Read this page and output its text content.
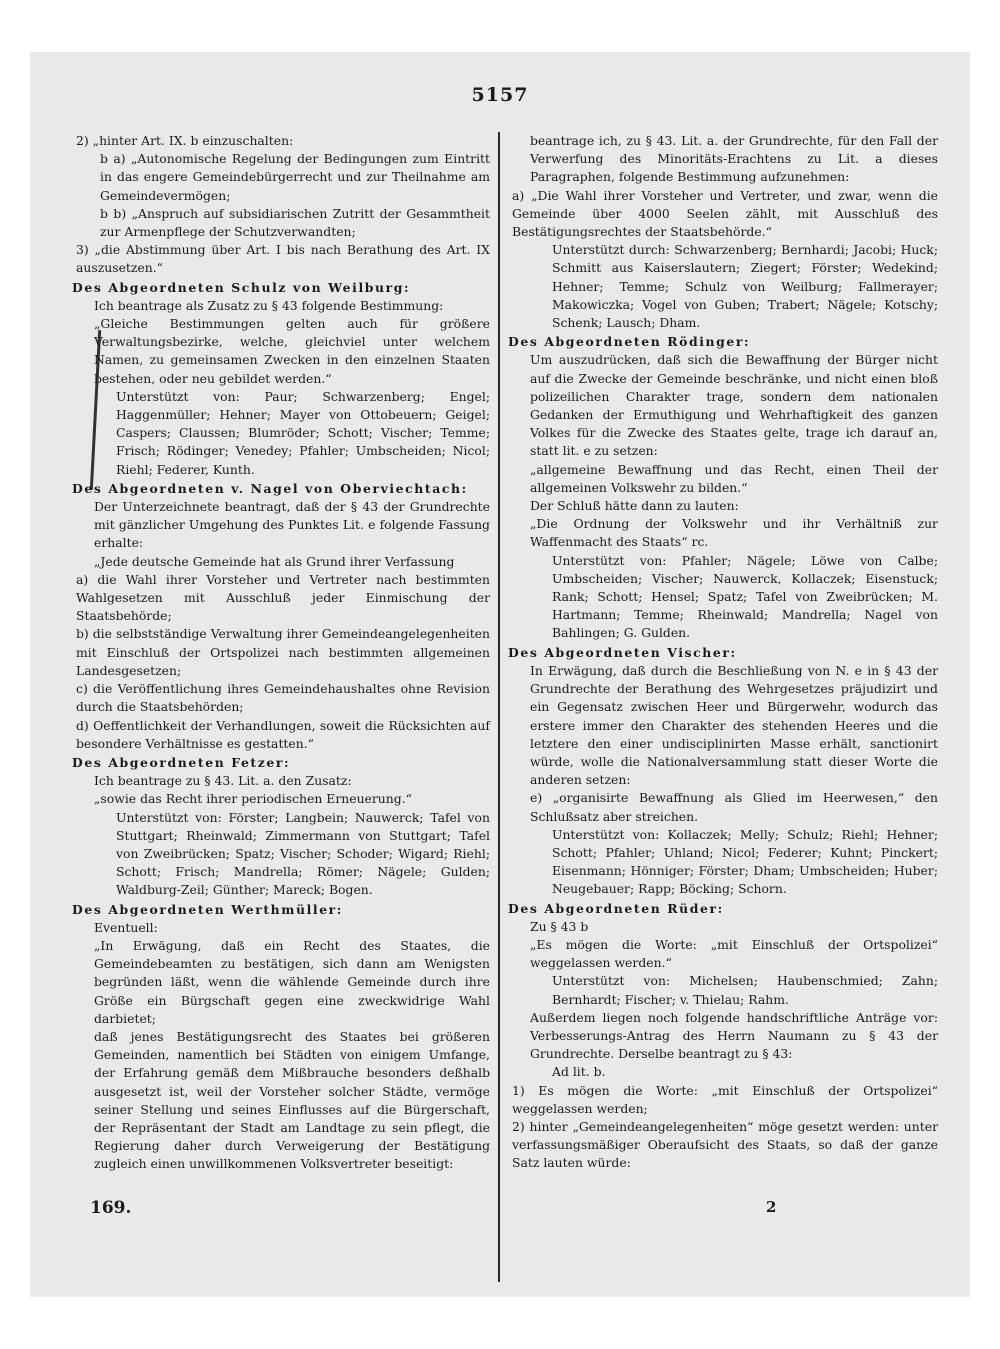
5157

2) „hinter Art. IX. b einzuschalten:

b a) „Autonomische Regelung der Bedingungen zum Eintritt in das engere Gemeindebürgerrecht und zur Theilnahme am Gemeindevermögen;

b b) „Anspruch auf subsidiarischen Zutritt der Gesammtheit zur Armenpflege der Schutzverwandten;

3) „die Abstimmung über Art. I bis nach Berathung des Art. IX auszusetzen.“

Des Abgeordneten Schulz von Weilburg:

Ich beantrage als Zusatz zu § 43 folgende Bestimmung:

„Gleiche Bestimmungen gelten auch für größere Verwaltungsbezirke, welche, gleichviel unter welchem Namen, zu gemeinsamen Zwecken in den einzelnen Staaten bestehen, oder neu gebildet werden.“

Unterstützt von: Paur; Schwarzenberg; Engel; Haggenmüller; Hehner; Mayer von Ottobeuern; Geigel; Caspers; Claussen; Blumröder; Schott; Vischer; Temme; Frisch; Rödinger; Venedey; Pfahler; Umbscheiden; Nicol; Riehl; Federer, Kunth.

Des Abgeordneten v. Nagel von Oberviechtach:

Der Unterzeichnete beantragt, daß der § 43 der Grundrechte mit gänzlicher Umgehung des Punktes Lit. e folgende Fassung erhalte:

„Jede deutsche Gemeinde hat als Grund ihrer Verfassung

a) die Wahl ihrer Vorsteher und Vertreter nach bestimmten Wahlgesetzen mit Ausschluß jeder Einmischung der Staatsbehörde;

b) die selbstständige Verwaltung ihrer Gemeindeangelegenheiten mit Einschluß der Ortspolizei nach bestimmten allgemeinen Landesgesetzen;

c) die Veröffentlichung ihres Gemeindehaushaltes ohne Revision durch die Staatsbehörden;

d) Oeffentlichkeit der Verhandlungen, soweit die Rücksichten auf besondere Verhältnisse es gestatten.“

Des Abgeordneten Fetzer:

Ich beantrage zu § 43. Lit. a. den Zusatz:

„sowie das Recht ihrer periodischen Erneuerung.“

Unterstützt von: Förster; Langbein; Nauwerck; Tafel von Stuttgart; Rheinwald; Zimmermann von Stuttgart; Tafel von Zweibrücken; Spatz; Vischer; Schoder; Wigard; Riehl; Schott; Frisch; Mandrella; Römer; Nägele; Gulden; Waldburg-Zeil; Günther; Mareck; Bogen.

Des Abgeordneten Werthmüller:

Eventuell:

„In Erwägung, daß ein Recht des Staates, die Gemeindebeamten zu bestätigen, sich dann am Wenigsten begründen läßt, wenn die wählende Gemeinde durch ihre Größe ein Bürgschaft gegen eine zweckwidrige Wahl darbietet;

daß jenes Bestätigungsrecht des Staates bei größeren Gemeinden, namentlich bei Städten von einigem Umfange, der Erfahrung gemäß dem Mißbrauche besonders deßhalb ausgesetzt ist, weil der Vorsteher solcher Städte, vermöge seiner Stellung und seines Einflusses auf die Bürgerschaft, der Repräsentant der Stadt am Landtage zu sein pflegt, die Regierung daher durch Verweigerung der Bestätigung zugleich einen unwillkommenen Volksvertreter beseitigt:

beantrage ich, zu § 43. Lit. a. der Grundrechte, für den Fall der Verwerfung des Minoritäts-Erachtens zu Lit. a dieses Paragraphen, folgende Bestimmung aufzunehmen:

a) „Die Wahl ihrer Vorsteher und Vertreter, und zwar, wenn die Gemeinde über 4000 Seelen zählt, mit Ausschluß des Bestätigungsrechtes der Staatsbehörde.“

Unterstützt durch: Schwarzenberg; Bernhardi; Jacobi; Huck; Schmitt aus Kaiserslautern; Ziegert; Förster; Wedekind; Hehner; Temme; Schulz von Weilburg; Fallmerayer; Makowiczka; Vogel von Guben; Trabert; Nägele; Kotschy; Schenk; Lausch; Dham.

Des Abgeordneten Rödinger:

Um auszudrücken, daß sich die Bewaffnung der Bürger nicht auf die Zwecke der Gemeinde beschränke, und nicht einen bloß polizeilichen Charakter trage, sondern dem nationalen Gedanken der Ermuthigung und Wehrhaftigkeit des ganzen Volkes für die Zwecke des Staates gelte, trage ich darauf an, statt lit. e zu setzen:

„allgemeine Bewaffnung und das Recht, einen Theil der allgemeinen Volkswehr zu bilden.“

Der Schluß hätte dann zu lauten:

„Die Ordnung der Volkswehr und ihr Verhältniß zur Waffenmacht des Staats“ rc.

Unterstützt von: Pfahler; Nägele; Löwe von Calbe; Umbscheiden; Vischer; Nauwerck, Kollaczek; Eisenstuck; Rank; Schott; Hensel; Spatz; Tafel von Zweibrücken; M. Hartmann; Temme; Rheinwald; Mandrella; Nagel von Bahlingen; G. Gulden.

Des Abgeordneten Vischer:

In Erwägung, daß durch die Beschließung von N. e in § 43 der Grundrechte der Berathung des Wehrgesetzes präjudizirt und ein Gegensatz zwischen Heer und Bürgerwehr, wodurch das erstere immer den Charakter des stehenden Heeres und die letztere den einer undisciplinirten Masse erhält, sanctionirt würde, wolle die Nationalversammlung statt dieser Worte die anderen setzen:

e) „organisirte Bewaffnung als Glied im Heerwesen,“ den Schlußsatz aber streichen.

Unterstützt von: Kollaczek; Melly; Schulz; Riehl; Hehner; Schott; Pfahler; Uhland; Nicol; Federer; Kuhnt; Pinckert; Eisenmann; Hönniger; Förster; Dham; Umbscheiden; Huber; Neugebauer; Rapp; Böcking; Schorn.

Des Abgeordneten Rüder:

Zu § 43 b

„Es mögen die Worte: „mit Einschluß der Ortspolizei“ weggelassen werden.“

Unterstützt von: Michelsen; Haubenschmied; Zahn; Bernhardt; Fischer; v. Thielau; Rahm.

Außerdem liegen noch folgende handschriftliche Anträge vor: Verbesserungs-Antrag des Herrn Naumann zu § 43 der Grundrechte. Derselbe beantragt zu § 43:

Ad lit. b.

1) Es mögen die Worte: „mit Einschluß der Ortspolizei“ weggelassen werden;

2) hinter „Gemeindeangelegenheiten“ möge gesetzt werden: unter verfassungsmäßiger Oberaufsicht des Staats, so daß der ganze Satz lauten würde:

169.	2
